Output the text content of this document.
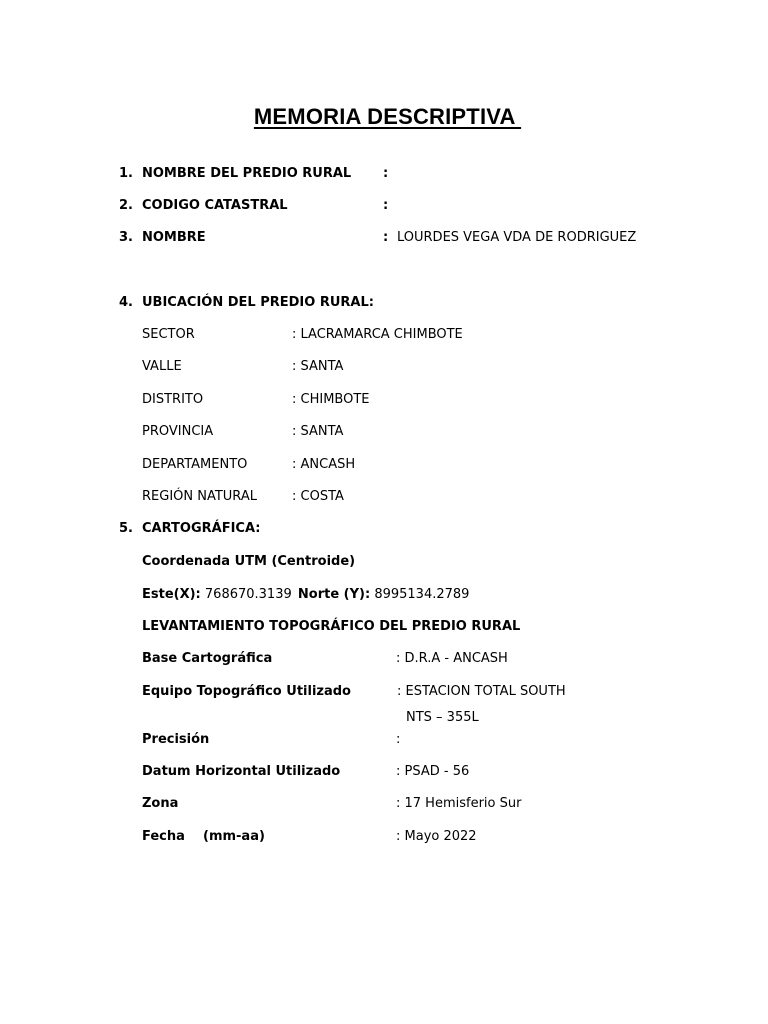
MEMORIA DESCRIPTIVA
1. NOMBRE DEL PREDIO RURAL :
2. CODIGO CATASTRAL	:
3. NOMBRE	: LOURDES VEGA VDA DE RODRIGUEZ
4. UBICACIÓN DEL PREDIO RURAL:
SECTOR	: LACRAMARCA CHIMBOTE
VALLE	: SANTA
DISTRITO	: CHIMBOTE
PROVINCIA	: SANTA
DEPARTAMENTO	: ANCASH
REGIÓN NATURAL	: COSTA
5. CARTOGRÁFICA:
Coordenada UTM (Centroide)
Este(X): 768670.3139 Norte (Y): 8995134.2789
LEVANTAMIENTO TOPOGRÁFICO DEL PREDIO RURAL
Base Cartográfica	: D.R.A - ANCASH
Equipo Topográfico Utilizado	: ESTACION TOTAL SOUTH
NTS – 355L
Precisión	:
Datum Horizontal Utilizado	: PSAD - 56
Zona	: 17 Hemisferio Sur
Fecha    (mm-aa)	: Mayo 2022
